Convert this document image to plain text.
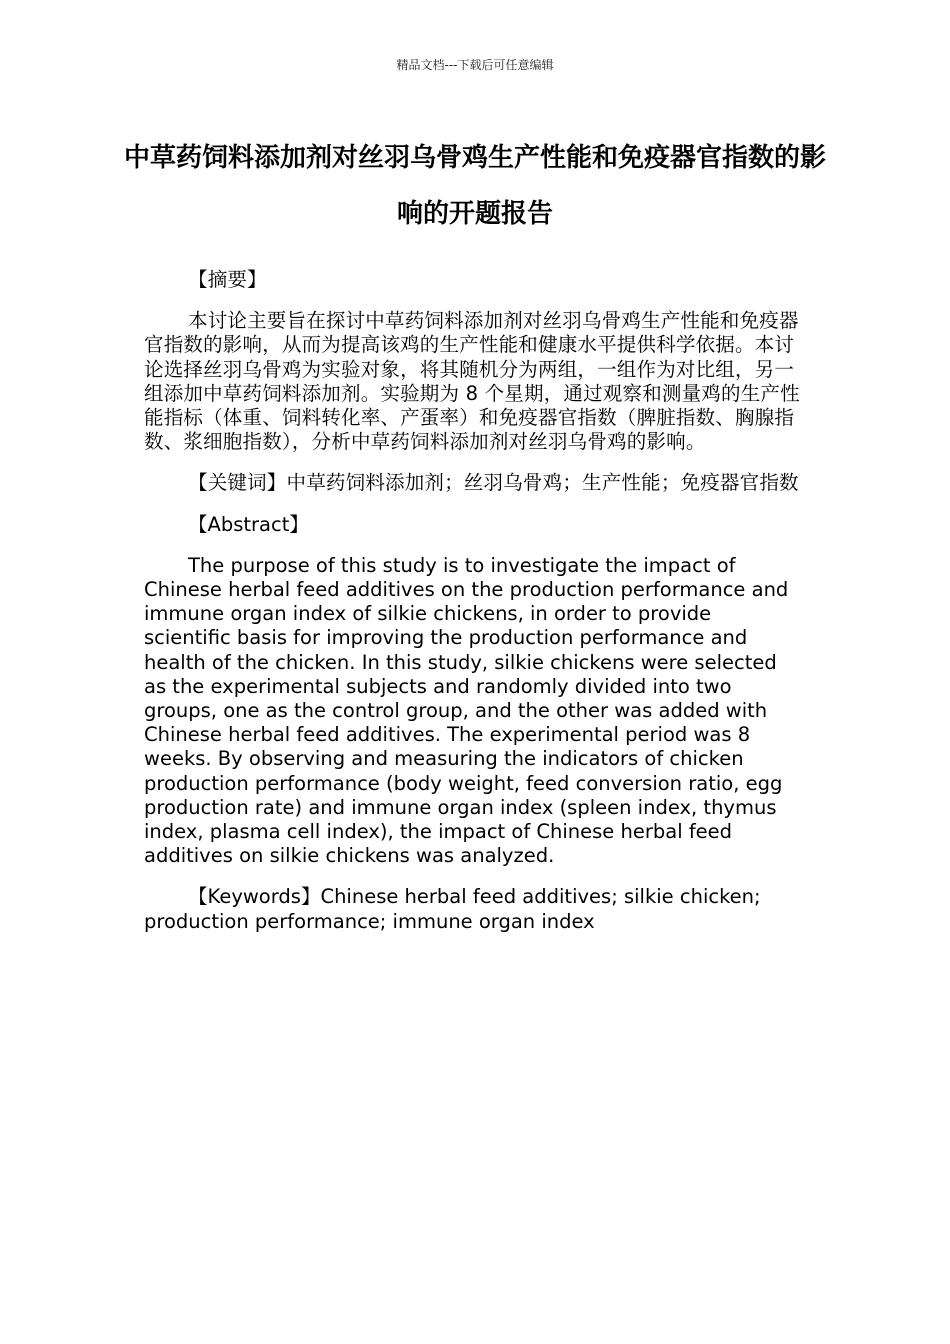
精品文档---下载后可任意编辑
中草药饲料添加剂对丝羽乌骨鸡生产性能和免疫器官指数的影响的开题报告
【摘要】

本讨论主要旨在探讨中草药饲料添加剂对丝羽乌骨鸡生产性能和免疫器官指数的影响，从而为提高该鸡的生产性能和健康水平提供科学依据。本讨论选择丝羽乌骨鸡为实验对象，将其随机分为两组，一组作为对比组，另一组添加中草药饲料添加剂。实验期为 8 个星期，通过观察和测量鸡的生产性能指标（体重、饲料转化率、产蛋率）和免疫器官指数（脾脏指数、胸腺指数、浆细胞指数），分析中草药饲料添加剂对丝羽乌骨鸡的影响。

【关键词】中草药饲料添加剂；丝羽乌骨鸡；生产性能；免疫器官指数

【Abstract】

The purpose of this study is to investigate the impact of Chinese herbal feed additives on the production performance and immune organ index of silkie chickens, in order to provide scientific basis for improving the production performance and health of the chicken. In this study, silkie chickens were selected as the experimental subjects and randomly divided into two groups, one as the control group, and the other was added with Chinese herbal feed additives. The experimental period was 8 weeks. By observing and measuring the indicators of chicken production performance (body weight, feed conversion ratio, egg production rate) and immune organ index (spleen index, thymus index, plasma cell index), the impact of Chinese herbal feed additives on silkie chickens was analyzed.

【Keywords】Chinese herbal feed additives; silkie chicken; production performance; immune organ index
